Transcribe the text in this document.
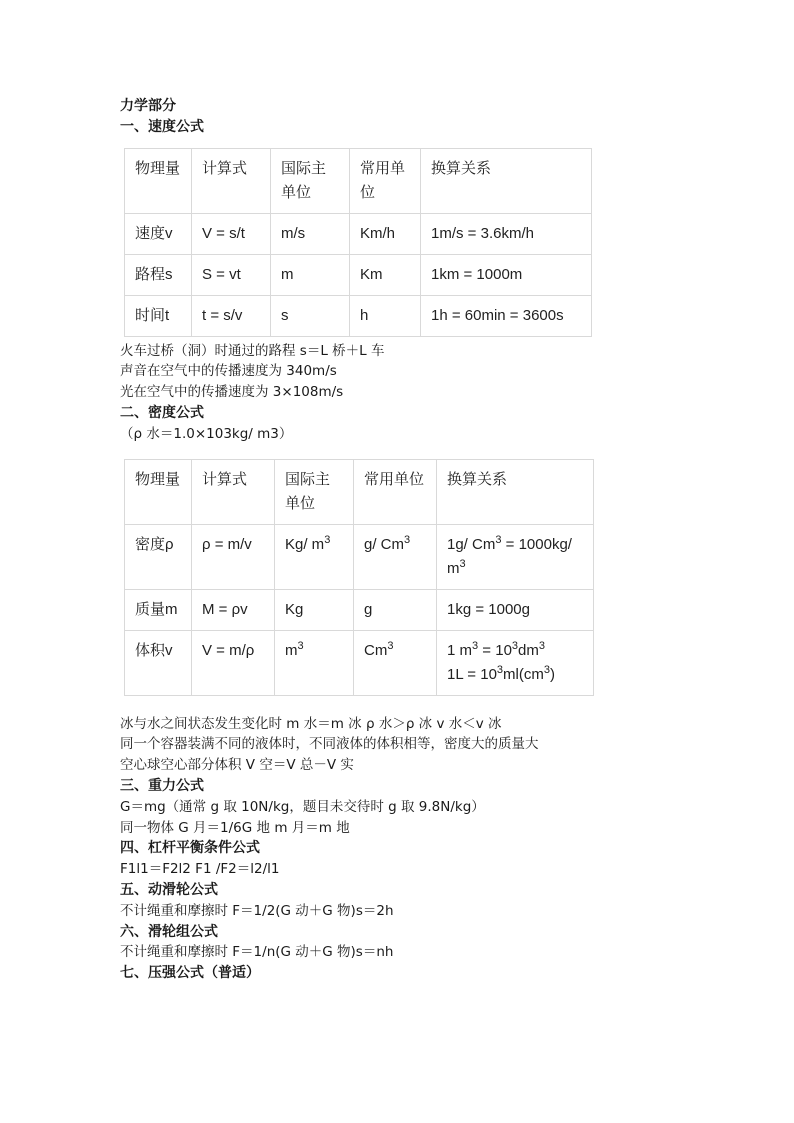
力学部分
一、速度公式
物理量	计算式	国际主单位	常用单位	换算关系
速度v	V = s/t	m/s	Km/h	1m/s = 3.6km/h
路程s	S = vt	m	Km	1km = 1000m
时间t	t = s/v	s	h	1h = 60min = 3600s
火车过桥（洞）时通过的路程 s＝L 桥＋L 车
声音在空气中的传播速度为 340m/s
光在空气中的传播速度为 3×108m/s
二、密度公式
（ρ 水＝1.0×103kg/ m3）
物理量	计算式	国际主单位	常用单位	换算关系
密度ρ	ρ = m/v	Kg/ $m^3$	g/ Cm$^3$	1g/ $Cm^3 = 1000kg/$ $m^3$
质量m	M = ρv	Kg	g	1kg = 1000g
体积v	V = m/ρ	$m^3$	Cm$^3$	1 $m^3 = 10^3dm^3$
$1L = 10^3ml(cm^3)$
冰与水之间状态发生变化时 m 水＝m 冰 ρ 水＞ρ 冰 v 水＜v 冰
同一个容器装满不同的液体时，不同液体的体积相等，密度大的质量大
空心球空心部分体积 V 空＝V 总－V 实
三、重力公式
G＝mg（通常 g 取 10N/kg，题目未交待时 g 取 9.8N/kg）
同一物体 G 月＝1/6G 地 m 月＝m 地
四、杠杆平衡条件公式
F1l1＝F2l2 F1 /F2＝l2/l1
五、动滑轮公式
不计绳重和摩擦时 F＝1/2(G 动＋G 物)s＝2h
六、滑轮组公式
不计绳重和摩擦时 F＝1/n(G 动＋G 物)s＝nh
七、压强公式（普适）
